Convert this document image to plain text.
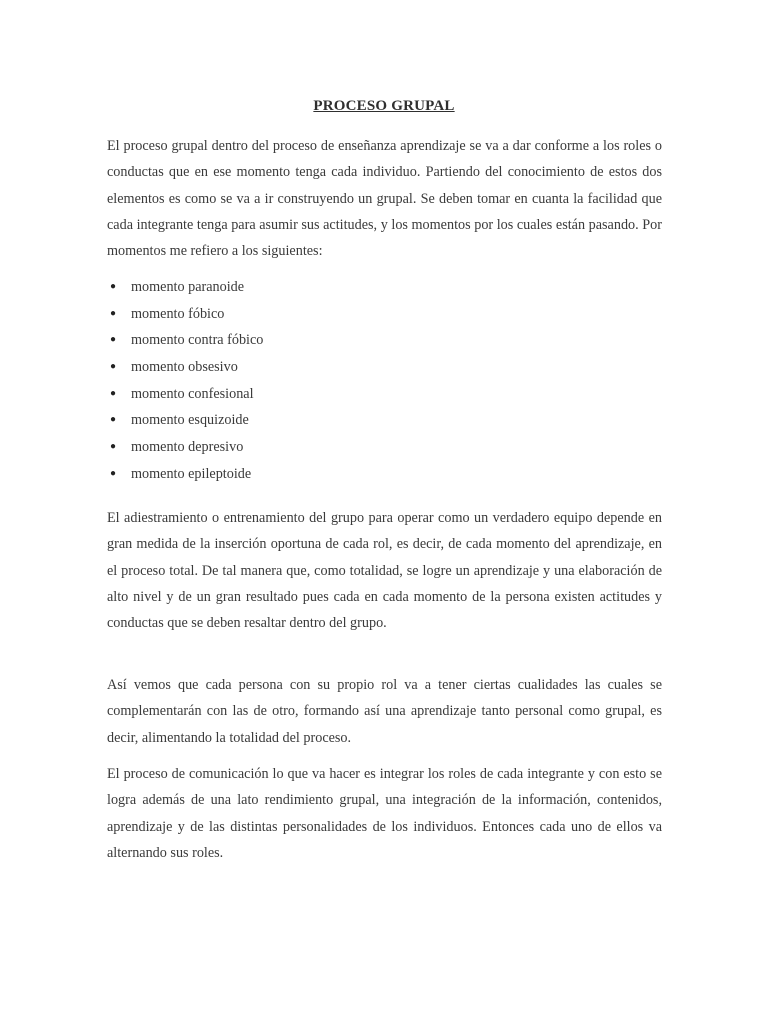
PROCESO GRUPAL

El proceso grupal dentro del proceso de enseñanza aprendizaje se va a dar conforme a los roles o conductas que en ese momento tenga cada individuo. Partiendo del conocimiento de estos dos elementos es como se va a ir construyendo un grupal. Se deben tomar en cuanta la facilidad que cada integrante tenga para asumir sus actitudes, y los momentos por los cuales están pasando. Por momentos me refiero a los siguientes:

● momento paranoide
● momento fóbico
● momento contra fóbico
● momento obsesivo
● momento confesional
● momento esquizoide
● momento depresivo
● momento epileptoide

El adiestramiento o entrenamiento del grupo para operar como un verdadero equipo depende en gran medida de la inserción oportuna de cada rol, es decir, de cada momento del aprendizaje, en el proceso total. De tal manera que, como totalidad, se logre un aprendizaje y una elaboración de alto nivel y de un gran resultado pues cada en cada momento de la persona existen actitudes y conductas que se deben resaltar dentro del grupo.

Así vemos que cada persona con su propio rol va a tener ciertas cualidades las cuales se complementarán con las de otro, formando así una aprendizaje tanto personal como grupal, es decir, alimentando la totalidad del proceso.

El proceso de comunicación lo que va hacer es integrar los roles de cada integrante y con esto se logra además de una lato rendimiento grupal, una integración de la información, contenidos, aprendizaje y de las distintas personalidades de los individuos. Entonces cada uno de ellos va alternando sus roles.
